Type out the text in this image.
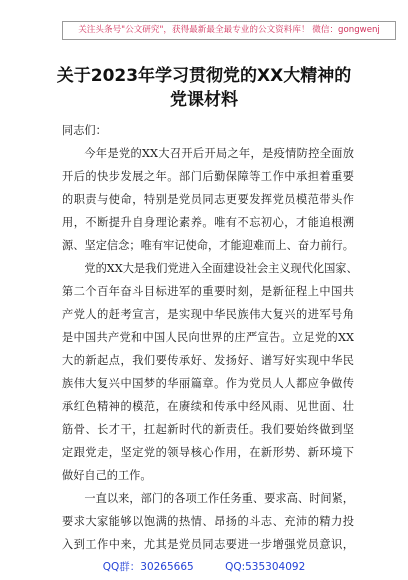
关注头条号"公文研究"，获得最新最全最专业的公文资料库！ 微信：gongwenj
关于2023年学习贯彻党的XX大精神的
党课材料
同志们：
今年是党的XX大召开后开局之年，是疫情防控全面放
开后的快步发展之年。部门后勤保障等工作中承担着重要
的职责与使命，特别是党员同志更要发挥党员模范带头作
用，不断提升自身理论素养。唯有不忘初心，才能追根溯
源、坚定信念；唯有牢记使命，才能迎难而上、奋力前行。
党的XX大是我们党进入全面建设社会主义现代化国家、
第二个百年奋斗目标进军的重要时刻，是新征程上中国共
产党人的赶考宣言，是实现中华民族伟大复兴的进军号角
是中国共产党和中国人民向世界的庄严宣告。立足党的XX
大的新起点，我们要传承好、发扬好、谱写好实现中华民
族伟大复兴中国梦的华丽篇章。作为党员人人都应争做传
承红色精神的模范，在赓续和传承中经风雨、见世面、壮
筋骨、长才干，扛起新时代的新责任。我们要始终做到坚
定跟党走，坚定党的领导核心作用，在新形势、新环境下
做好自己的工作。
一直以来，部门的各项工作任务重、要求高、时间紧，
要求大家能够以饱满的热情、昂扬的斗志、充沛的精力投
入到工作中来，尤其是党员同志要进一步增强党员意识，
QQ群：30265665	QQ:535304092
